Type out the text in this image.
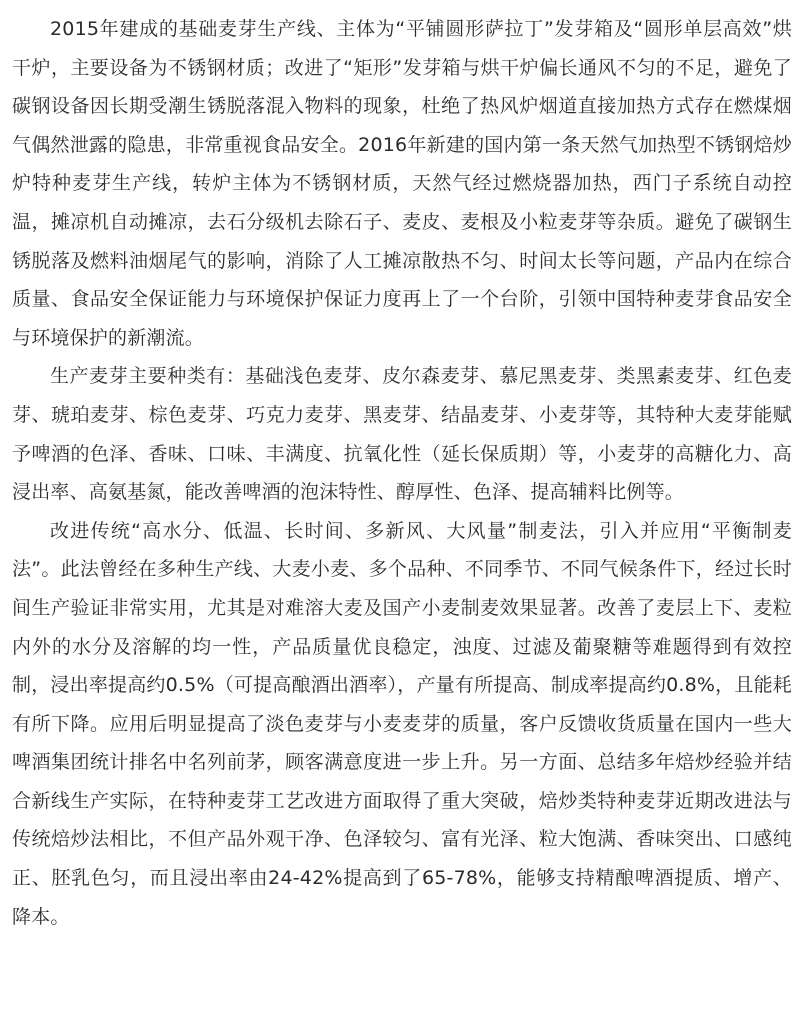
2015年建成的基础麦芽生产线、主体为“平铺圆形萨拉丁”发芽箱及“圆形单层高效”烘干炉，主要设备为不锈钢材质；改进了“矩形”发芽箱与烘干炉偏长通风不匀的不足，避免了碳钢设备因长期受潮生锈脱落混入物料的现象，杜绝了热风炉烟道直接加热方式存在燃煤烟气偶然泄露的隐患，非常重视食品安全。2016年新建的国内第一条天然气加热型不锈钢焙炒炉特种麦芽生产线，转炉主体为不锈钢材质，天然气经过燃烧器加热，西门子系统自动控温，摊凉机自动摊凉，去石分级机去除石子、麦皮、麦根及小粒麦芽等杂质。避免了碳钢生锈脱落及燃料油烟尾气的影响，消除了人工摊凉散热不匀、时间太长等问题，产品内在综合质量、食品安全保证能力与环境保护保证力度再上了一个台阶，引领中国特种麦芽食品安全与环境保护的新潮流。

生产麦芽主要种类有：基础浅色麦芽、皮尔森麦芽、慕尼黑麦芽、类黑素麦芽、红色麦芽、琥珀麦芽、棕色麦芽、巧克力麦芽、黑麦芽、结晶麦芽、小麦芽等，其特种大麦芽能赋予啤酒的色泽、香味、口味、丰满度、抗氧化性（延长保质期）等，小麦芽的高糖化力、高浸出率、高氨基氮，能改善啤酒的泡沫特性、醇厚性、色泽、提高辅料比例等。

改进传统“高水分、低温、长时间、多新风、大风量”制麦法，引入并应用“平衡制麦法”。此法曾经在多种生产线、大麦小麦、多个品种、不同季节、不同气候条件下，经过长时间生产验证非常实用，尤其是对难溶大麦及国产小麦制麦效果显著。改善了麦层上下、麦粒内外的水分及溶解的均一性，产品质量优良稳定，浊度、过滤及葡聚糖等难题得到有效控制，浸出率提高约0.5%（可提高酿酒出酒率），产量有所提高、制成率提高约0.8%，且能耗有所下降。应用后明显提高了淡色麦芽与小麦麦芽的质量，客户反馈收货质量在国内一些大啤酒集团统计排名中名列前茅，顾客满意度进一步上升。另一方面、总结多年焙炒经验并结合新线生产实际，在特种麦芽工艺改进方面取得了重大突破，焙炒类特种麦芽近期改进法与传统焙炒法相比，不但产品外观干净、色泽较匀、富有光泽、粒大饱满、香味突出、口感纯正、胚乳色匀，而且浸出率由24-42%提高到了65-78%，能够支持精酿啤酒提质、增产、降本。
